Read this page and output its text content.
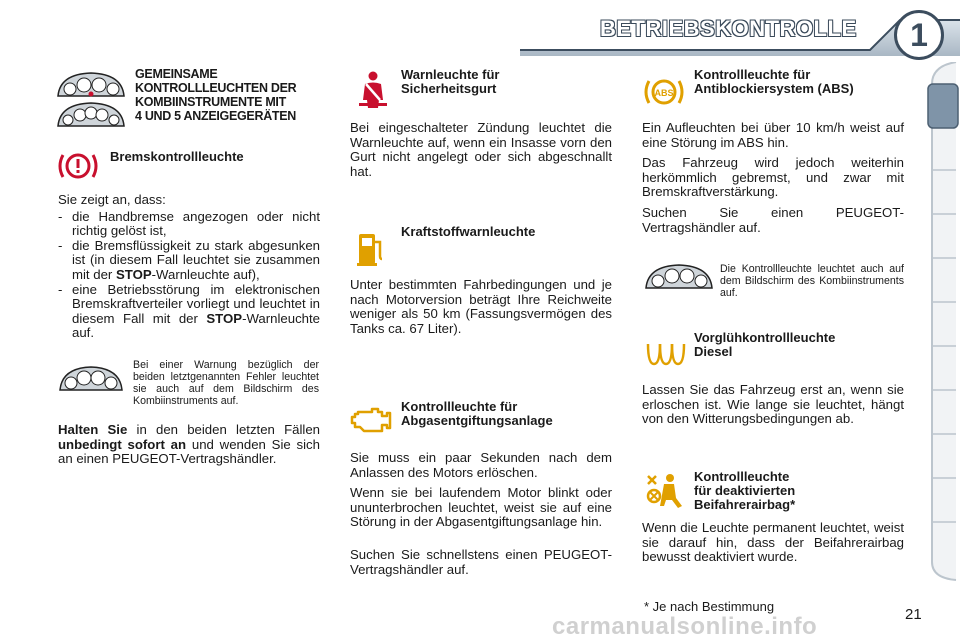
BETRIEBSKONTROLLE	1
GEMEINSAME
KONTROLLLEUCHTEN DER
KOMBIINSTRUMENTE MIT
4 UND 5 ANZEIGEGERÄTEN
Bremskontrollleuchte
Sie zeigt an, dass:
- die Handbremse angezogen oder nicht richtig gelöst ist,
- die Bremsflüssigkeit zu stark abgesunken ist (in diesem Fall leuchtet sie zusammen mit der STOP-Warnleuchte auf),
- eine Betriebsstörung im elektronischen Bremskraftverteiler vorliegt und leuchtet in diesem Fall mit der STOP-Warnleuchte auf.
Bei einer Warnung bezüglich der beiden letztgenannten Fehler leuchtet sie auch auf dem Bildschirm des Kombiinstruments auf.
Halten Sie in den beiden letzten Fällen unbedingt sofort an und wenden Sie sich an einen PEUGEOT-Vertragshändler.
Warnleuchte für
Sicherheitsgurt
Bei eingeschalteter Zündung leuchtet die Warnleuchte auf, wenn ein Insasse vorn den Gurt nicht angelegt oder sich abgeschnallt hat.
Kraftstoffwarnleuchte
Unter bestimmten Fahrbedingungen und je nach Motorversion beträgt Ihre Reichweite weniger als 50 km (Fassungsvermögen des Tanks ca. 67 Liter).
Kontrollleuchte für
Abgasentgiftungsanlage
Sie muss ein paar Sekunden nach dem Anlassen des Motors erlöschen.
Wenn sie bei laufendem Motor blinkt oder ununterbrochen leuchtet, weist sie auf eine Störung in der Abgasentgiftungsanlage hin.
Suchen Sie schnellstens einen PEUGEOT-Vertragshändler auf.
ABS
Kontrollleuchte für
Antiblockiersystem (ABS)
Ein Aufleuchten bei über 10 km/h weist auf eine Störung im ABS hin.
Das Fahrzeug wird jedoch weiterhin herkömmlich gebremst, und zwar mit Bremskraftverstärkung.
Suchen Sie einen PEUGEOT-Vertragshändler auf.
Die Kontrollleuchte leuchtet auch auf dem Bildschirm des Kombiinstruments auf.
Vorglühkontrollleuchte
Diesel
Lassen Sie das Fahrzeug erst an, wenn sie erloschen ist. Wie lange sie leuchtet, hängt von den Witterungsbedingungen ab.
Kontrollleuchte
für deaktivierten
Beifahrerairbag*
Wenn die Leuchte permanent leuchtet, weist sie darauf hin, dass der Beifahrerairbag bewusst deaktiviert wurde.
* Je nach Bestimmung	21
carmanualsonline.info
